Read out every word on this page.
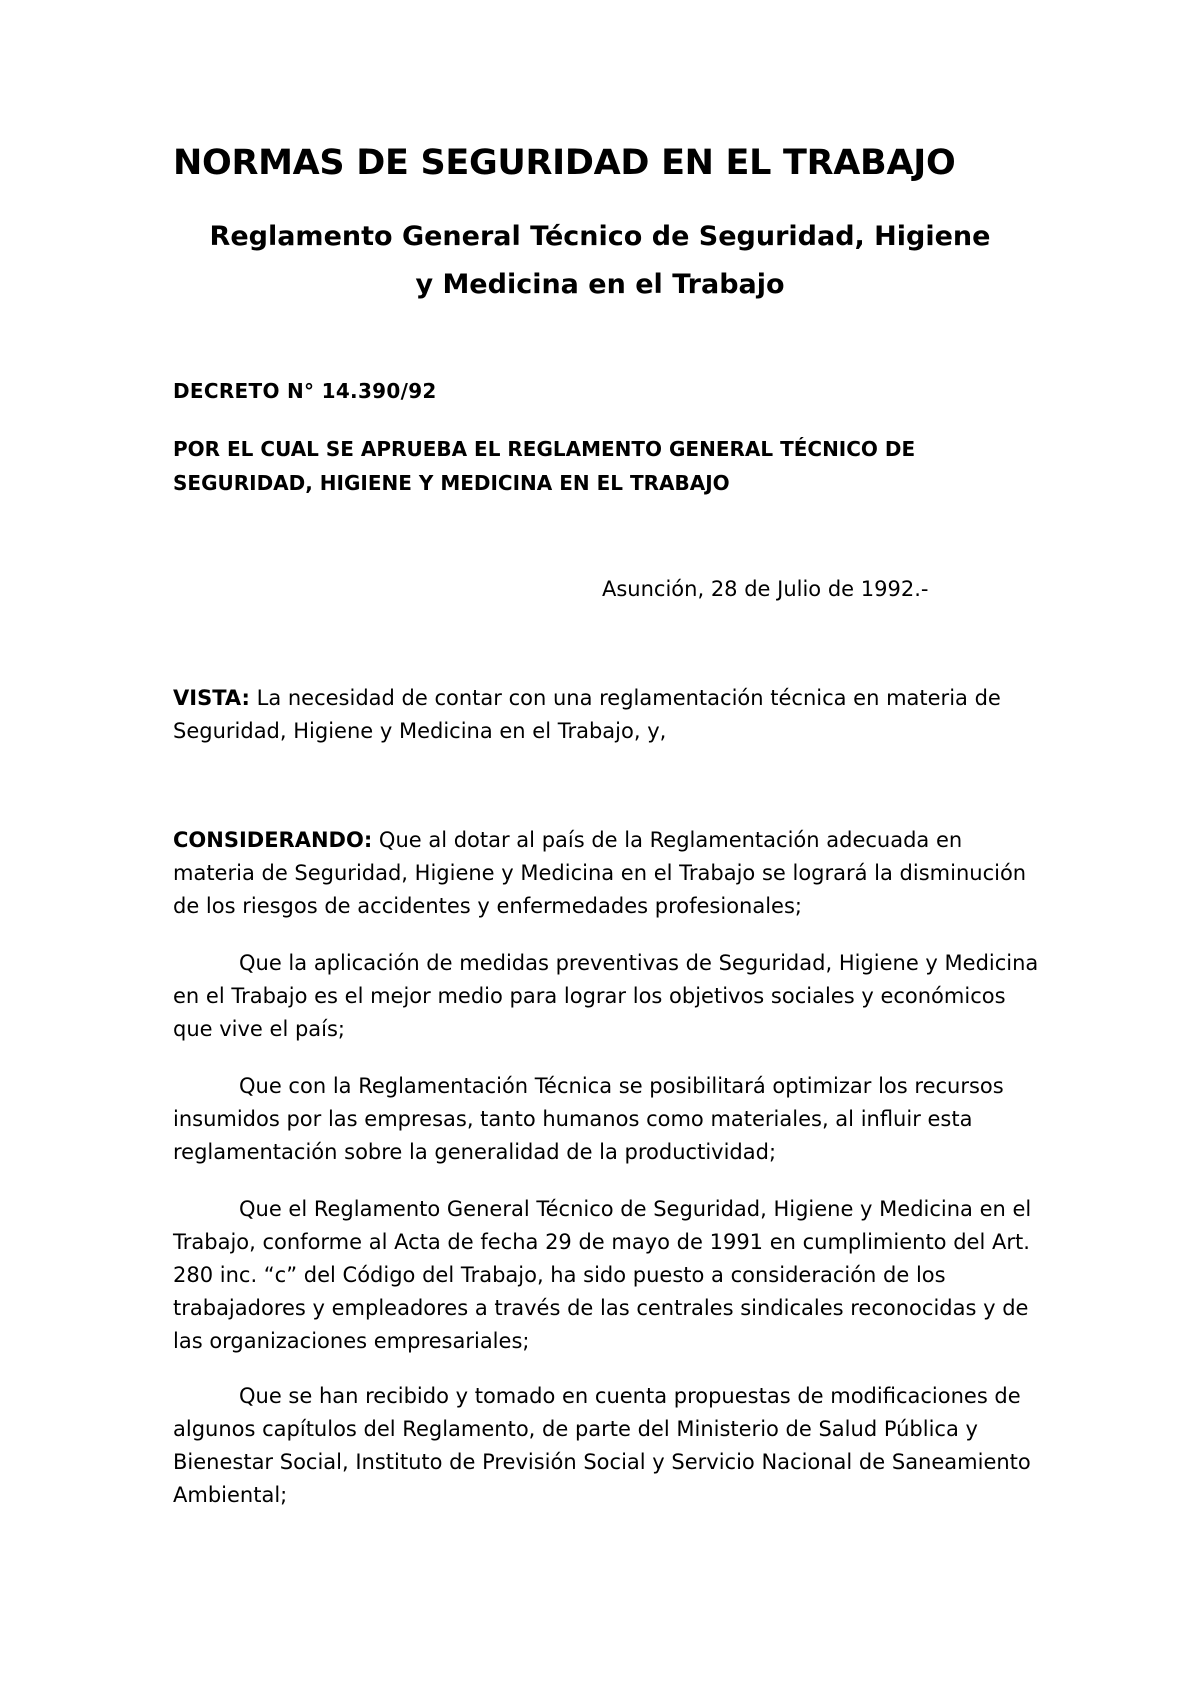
NORMAS DE SEGURIDAD EN EL TRABAJO
Reglamento General Técnico de Seguridad, Higiene
y Medicina en el Trabajo

DECRETO N° 14.390/92

POR EL CUAL SE APRUEBA EL REGLAMENTO GENERAL TÉCNICO DE SEGURIDAD, HIGIENE Y MEDICINA EN EL TRABAJO

Asunción, 28 de Julio de 1992.-

VISTA: La necesidad de contar con una reglamentación técnica en materia de Seguridad, Higiene y Medicina en el Trabajo, y,

CONSIDERANDO: Que al dotar al país de la Reglamentación adecuada en materia de Seguridad, Higiene y Medicina en el Trabajo se logrará la disminución de los riesgos de accidentes y enfermedades profesionales;

Que la aplicación de medidas preventivas de Seguridad, Higiene y Medicina en el Trabajo es el mejor medio para lograr los objetivos sociales y económicos que vive el país;

Que con la Reglamentación Técnica se posibilitará optimizar los recursos insumidos por las empresas, tanto humanos como materiales, al influir esta reglamentación sobre la generalidad de la productividad;

Que el Reglamento General Técnico de Seguridad, Higiene y Medicina en el Trabajo, conforme al Acta de fecha 29 de mayo de 1991 en cumplimiento del Art. 280 inc. “c” del Código del Trabajo, ha sido puesto a consideración de los trabajadores y empleadores a través de las centrales sindicales reconocidas y de las organizaciones empresariales;

Que se han recibido y tomado en cuenta propuestas de modificaciones de algunos capítulos del Reglamento, de parte del Ministerio de Salud Pública y Bienestar Social, Instituto de Previsión Social y Servicio Nacional de Saneamiento Ambiental;
